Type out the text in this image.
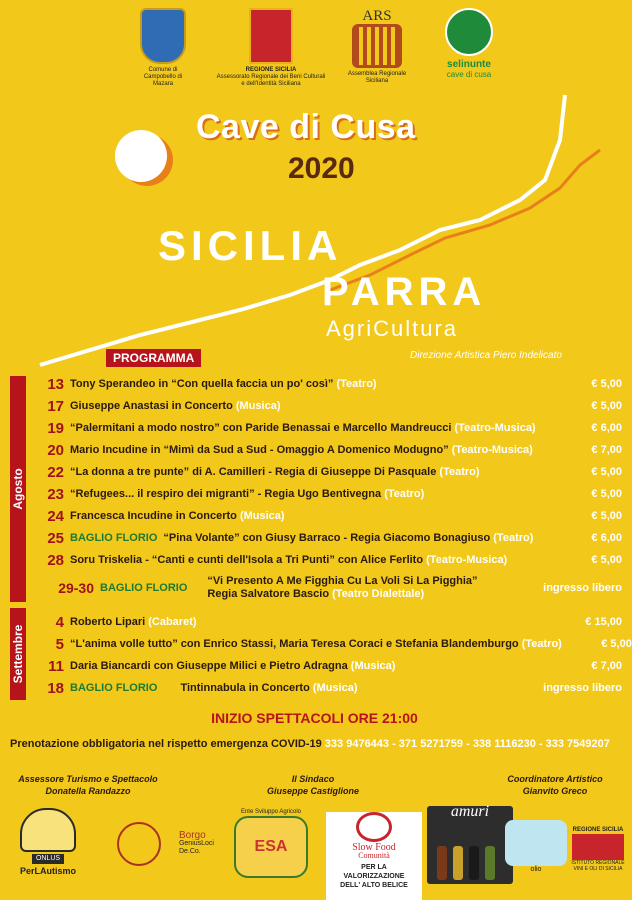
Comune di
Campobello di Mazara
REGIONE SICILIA
Assessorato Regionale dei Beni Culturali
e dell'Identità Siciliana
ARS
Assemblea Regionale
Siciliana
selinunte
cave di cusa
Cave di Cusa
2020
SICILIA
PARRA
AgriCultura
Direzione Artistica Piero Indelicato
PROGRAMMA
Agosto
Settembre
13 Tony Sperandeo in “Con quella faccia un po' così” (Teatro)	€ 5,00
17 Giuseppe Anastasi in Concerto (Musica)	€ 5,00
19 “Palermitani a modo nostro” con Paride Benassai e Marcello Mandreucci (Teatro-Musica)	€ 6,00
20 Mario Incudine in “Mimì da Sud a Sud - Omaggio A Domenico Modugno” (Teatro-Musica)	€ 7,00
22 “La donna a tre punte” di A. Camilleri - Regia di Giuseppe Di Pasquale (Teatro)	€ 5,00
23 “Refugees... il respiro dei migranti” - Regia Ugo Bentivegna (Teatro)	€ 5,00
24 Francesca Incudine in Concerto (Musica)	€ 5,00
25 BAGLIO FLORIO “Pina Volante” con Giusy Barraco - Regia Giacomo Bonagiuso (Teatro)	€ 6,00
28 Soru Triskelia - “Canti e cunti dell'Isola a Tri Punti” con Alice Ferlito (Teatro-Musica)	€ 5,00
29-30 BAGLIO FLORIO
“Vi Presento A Me Figghia Cu La Voli Si La Pigghia”
Regia Salvatore Bascio (Teatro Dialettale)	ingresso libero
4 Roberto Lipari (Cabaret)	€ 15,00
5 “L'anima volle tutto” con Enrico Stassi, Maria Teresa Coraci e Stefania Blandemburgo (Teatro)	€ 5,00
11 Daria Biancardi con Giuseppe Milici e Pietro Adragna (Musica)	€ 7,00
18 BAGLIO FLORIO Tintinnabula in Concerto (Musica)	ingresso libero
INIZIO SPETTACOLI ORE 21:00
Prenotazione obbligatoria nel rispetto emergenza COVID-19 333 9476443 - 371 5271759 - 338 1116230 - 333 7549207
Assessore Turismo e Spettacolo
Donatella Randazzo
Il Sindaco
Giuseppe Castiglione
Coordinatore Artistico
Gianvito Greco
ONLUS
PerLAutismo
Borgo
GeniusLoci
De.Co.
Ente Sviluppo Agricolo
ESA	Slow Food
Comunità
PER LA
VALORIZZAZIONE
DELL' ALTO BELICE
amuri
olio
REGIONE SICILIA
ISTITUTO REGIONALE VINI E OLI DI SICILIA
